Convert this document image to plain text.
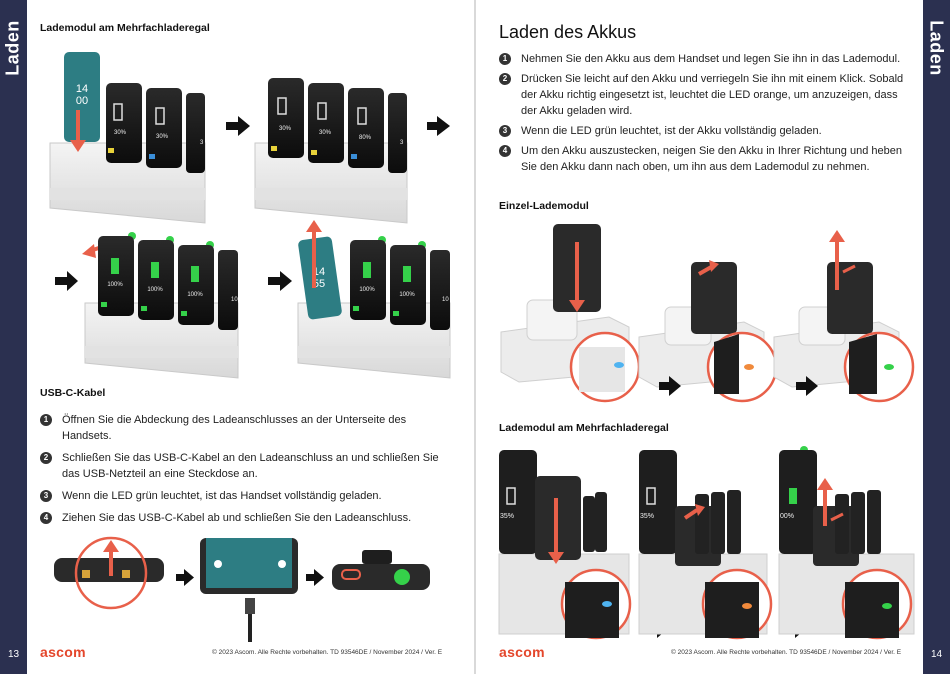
Laden
13
Laden
14
Lademodul am Mehrfachladeregal
14
00
30%
30%
3
30%
30%
80%
3
100%
100%
100%
10
14
55	100%
100%
10
USB-C-Kabel
1	Öffnen Sie die Abdeckung des Ladeanschlusses an der Unterseite des Handsets.
2	Schließen Sie das USB-C-Kabel an den Ladeanschluss an und schließen Sie das USB-Netzteil an eine Steckdose an.
3	Wenn die LED grün leuchtet, ist das Handset vollständig geladen.
4	Ziehen Sie das USB-C-Kabel ab und schließen Sie den Ladeanschluss.
ascom	© 2023 Ascom. Alle Rechte vorbehalten. TD 93546DE / November 2024 / Ver. E
Laden des Akkus
1	Nehmen Sie den Akku aus dem Handset und legen Sie ihn in das Lademodul.
2	Drücken Sie leicht auf den Akku und verriegeln Sie ihn mit einem Klick. Sobald der Akku richtig eingesetzt ist, leuchtet die LED orange, um anzuzeigen, dass der Akku geladen wird.
3	Wenn die LED grün leuchtet, ist der Akku vollständig geladen.
4	Um den Akku auszustecken, neigen Sie den Akku in Ihrer Richtung und heben Sie den Akku dann nach oben, um ihn aus dem Lademodul zu nehmen.
Einzel-Lademodul
Lademodul am Mehrfachladeregal
35%	35%	00%
ascom	© 2023 Ascom. Alle Rechte vorbehalten. TD 93546DE / November 2024 / Ver. E
